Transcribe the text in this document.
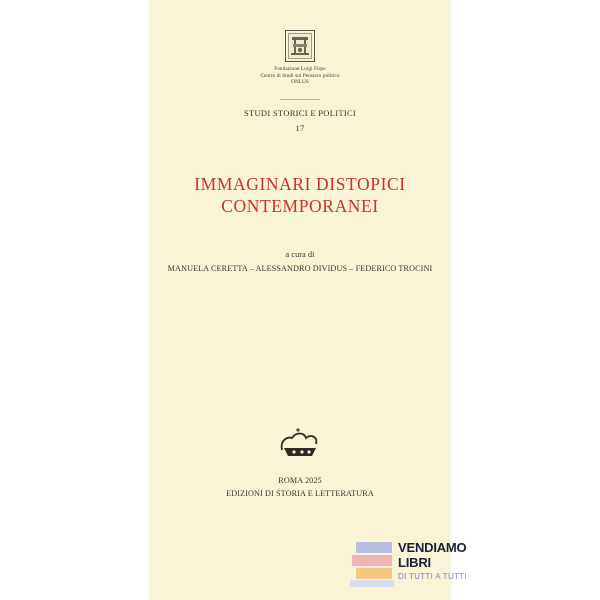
Fondazione Luigi Firpo
Centro di Studi sul Pensiero politico
ONLUS
STUDI STORICI E POLITICI
17
IMMAGINARI DISTOPICI
CONTEMPORANEI
a cura di
MANUELA CERETTA – ALESSANDRO DIVIDUS – FEDERICO TROCINI
ROMA 2025
EDIZIONI DI STORIA E LETTERATURA
VENDIAMO
LIBRI
DI TUTTI A TUTTI
